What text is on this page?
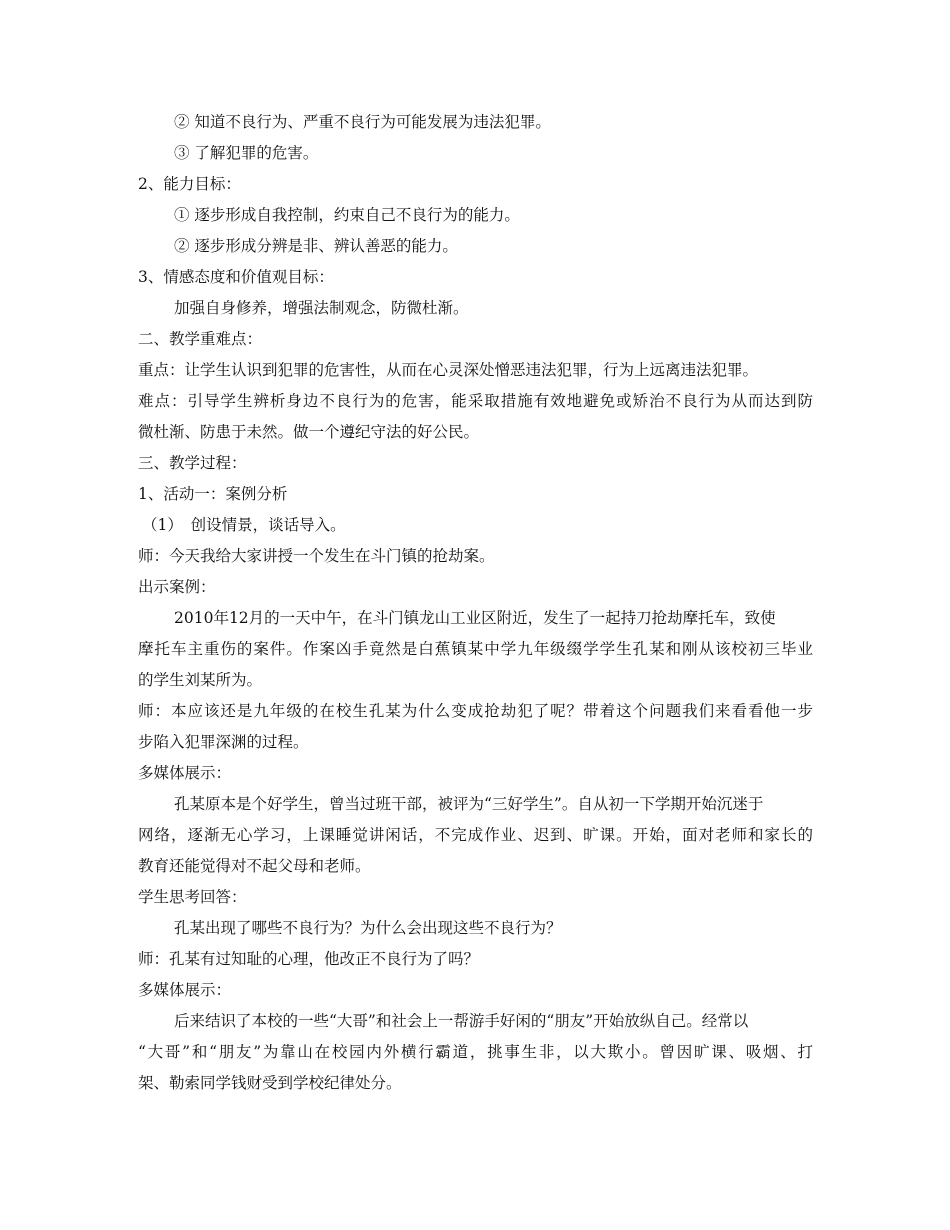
② 知道不良行为、严重不良行为可能发展为违法犯罪。
③ 了解犯罪的危害。
2、能力目标：
① 逐步形成自我控制，约束自己不良行为的能力。
② 逐步形成分辨是非、辨认善恶的能力。
3、情感态度和价值观目标：
加强自身修养，增强法制观念，防微杜渐。
二、教学重难点：
重点：让学生认识到犯罪的危害性，从而在心灵深处憎恶违法犯罪，行为上远离违法犯罪。
难点：引导学生辨析身边不良行为的危害，能采取措施有效地避免或矫治不良行为从而达到防
微杜渐、防患于未然。做一个遵纪守法的好公民。
三、教学过程：
1、活动一：案例分析
（1）　创设情景，谈话导入。
师：今天我给大家讲授一个发生在斗门镇的抢劫案。
出示案例：
2010年12月的一天中午，在斗门镇龙山工业区附近，发生了一起持刀抢劫摩托车，致使
摩托车主重伤的案件。作案凶手竟然是白蕉镇某中学九年级缀学学生孔某和刚从该校初三毕业
的学生刘某所为。
师：本应该还是九年级的在校生孔某为什么变成抢劫犯了呢？带着这个问题我们来看看他一步
步陷入犯罪深渊的过程。
多媒体展示：
孔某原本是个好学生，曾当过班干部，被评为“三好学生”。自从初一下学期开始沉迷于
网络，逐渐无心学习，上课睡觉讲闲话，不完成作业、迟到、旷课。开始，面对老师和家长的
教育还能觉得对不起父母和老师。
学生思考回答：
孔某出现了哪些不良行为？为什么会出现这些不良行为？
师：孔某有过知耻的心理，他改正不良行为了吗？
多媒体展示：
后来结识了本校的一些“大哥”和社会上一帮游手好闲的“朋友”开始放纵自己。经常以
“大哥”和“朋友”为靠山在校园内外横行霸道，挑事生非，以大欺小。曾因旷课、吸烟、打
架、勒索同学钱财受到学校纪律处分。
